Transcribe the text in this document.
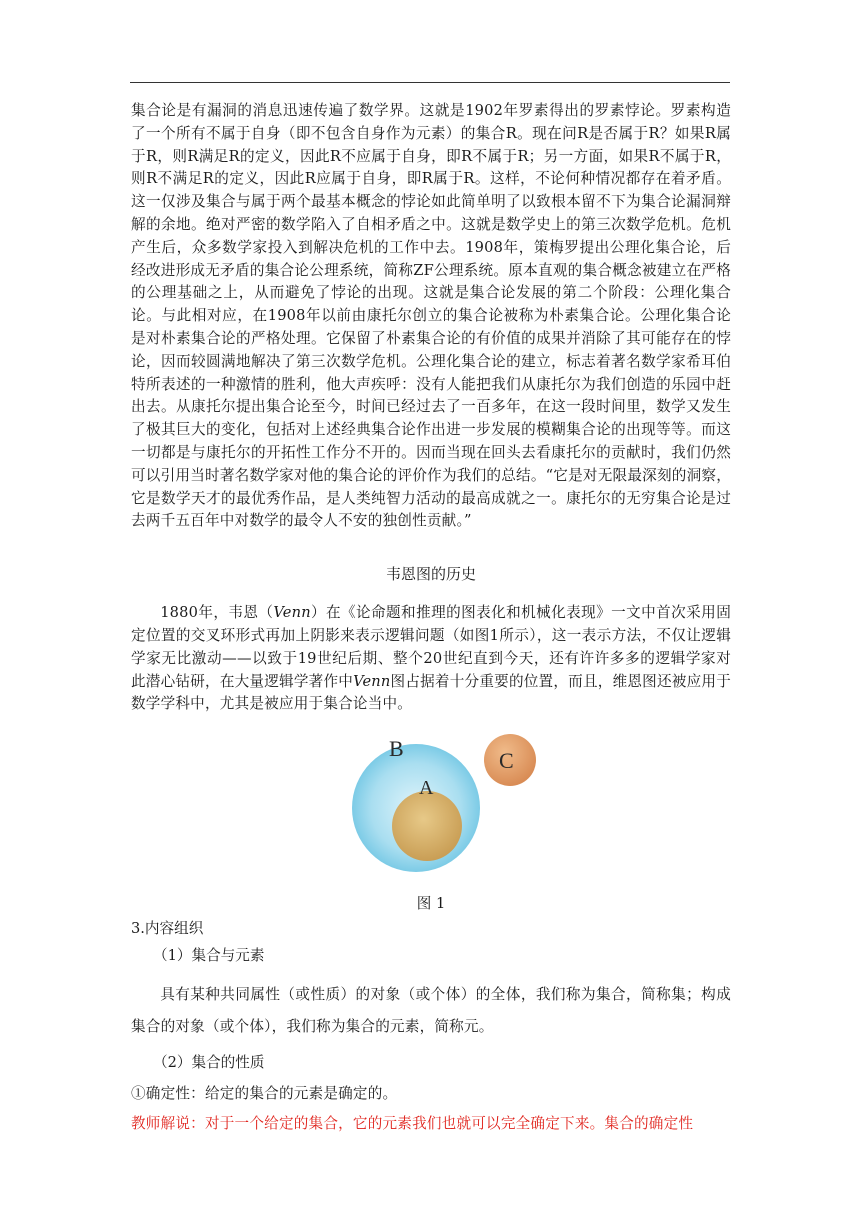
集合论是有漏洞的消息迅速传遍了数学界。这就是1902年罗素得出的罗素悖论。罗素构造了一个所有不属于自身（即不包含自身作为元素）的集合R。现在问R是否属于R？如果R属于R，则R满足R的定义，因此R不应属于自身，即R不属于R；另一方面，如果R不属于R，则R不满足R的定义，因此R应属于自身，即R属于R。这样，不论何种情况都存在着矛盾。这一仅涉及集合与属于两个最基本概念的悖论如此简单明了以致根本留不下为集合论漏洞辩解的余地。绝对严密的数学陷入了自相矛盾之中。这就是数学史上的第三次数学危机。危机产生后，众多数学家投入到解决危机的工作中去。1908年，策梅罗提出公理化集合论，后经改进形成无矛盾的集合论公理系统，简称ZF公理系统。原本直观的集合概念被建立在严格的公理基础之上，从而避免了悖论的出现。这就是集合论发展的第二个阶段：公理化集合论。与此相对应，在1908年以前由康托尔创立的集合论被称为朴素集合论。公理化集合论是对朴素集合论的严格处理。它保留了朴素集合论的有价值的成果并消除了其可能存在的悖论，因而较圆满地解决了第三次数学危机。公理化集合论的建立，标志着著名数学家希耳伯特所表述的一种激情的胜利，他大声疾呼：没有人能把我们从康托尔为我们创造的乐园中赶出去。从康托尔提出集合论至今，时间已经过去了一百多年，在这一段时间里，数学又发生了极其巨大的变化，包括对上述经典集合论作出进一步发展的模糊集合论的出现等等。而这一切都是与康托尔的开拓性工作分不开的。因而当现在回头去看康托尔的贡献时，我们仍然可以引用当时著名数学家对他的集合论的评价作为我们的总结。“它是对无限最深刻的洞察，它是数学天才的最优秀作品，是人类纯智力活动的最高成就之一。康托尔的无穷集合论是过去两千五百年中对数学的最令人不安的独创性贡献。”

韦恩图的历史

1880年，韦恩（Venn）在《论命题和推理的图表化和机械化表现》一文中首次采用固定位置的交叉环形式再加上阴影来表示逻辑问题（如图1所示），这一表示方法，不仅让逻辑学家无比激动——以致于19世纪后期、整个20世纪直到今天，还有许许多多的逻辑学家对此潜心钻研，在大量逻辑学著作中Venn图占据着十分重要的位置，而且，维恩图还被应用于数学学科中，尤其是被应用于集合论当中。

B
A
C

图 1

3.内容组织

（1）集合与元素

具有某种共同属性（或性质）的对象（或个体）的全体，我们称为集合，简称集；构成集合的对象（或个体），我们称为集合的元素，简称元。

（2）集合的性质

①确定性：给定的集合的元素是确定的。

教师解说：对于一个给定的集合，它的元素我们也就可以完全确定下来。集合的确定性
